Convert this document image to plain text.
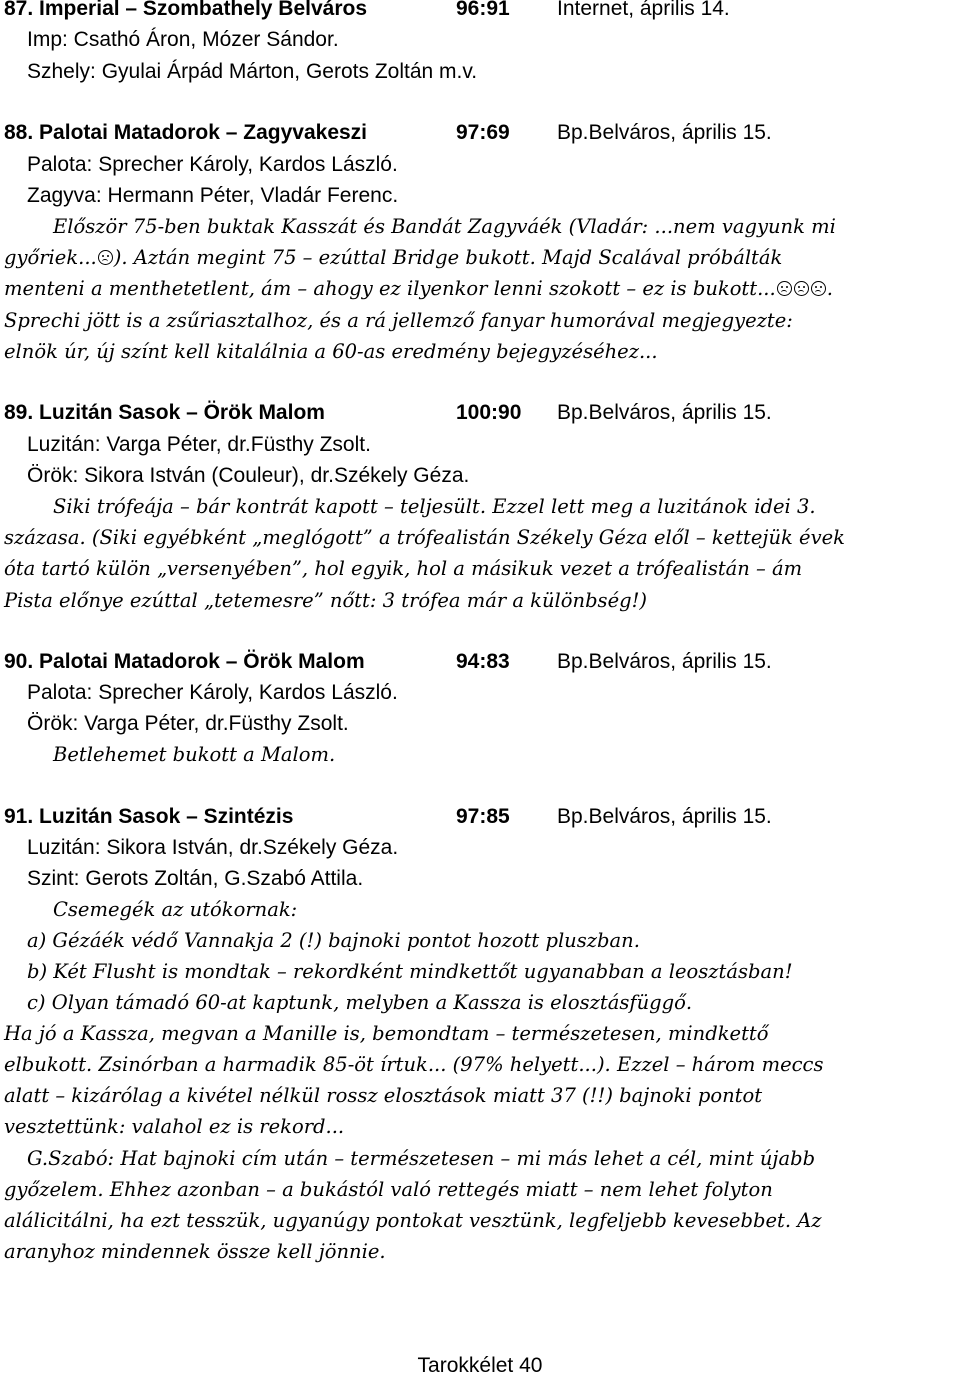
87. Imperial – Szombathely Belváros	96:91 Internet, április 14.
Imp: Csathó Áron, Mózer Sándor.
Szhely: Gyulai Árpád Márton, Gerots Zoltán m.v.
88. Palotai Matadorok – Zagyvakeszi	97:69 Bp.Belváros, április 15.
Palota: Sprecher Károly, Kardos László.
Zagyva: Hermann Péter, Vladár Ferenc.
Először 75-ben buktak Kasszát és Bandát Zagyváék (Vladár: ...nem vagyunk mi
győriek... ). Aztán megint 75 – ezúttal Bridge bukott. Majd Scalával próbálták
menteni a menthetetlent, ám – ahogy ez ilyenkor lenni szokott – ez is bukott...	.
Sprechi jött is a zsűriasztalhoz, és a rá jellemző fanyar humorával megjegyezte:
elnök úr, új színt kell kitalálnia a 60-as eredmény bejegyzéséhez...
89. Luzitán Sasok – Örök Malom	100:90 Bp.Belváros, április 15.
Luzitán: Varga Péter, dr.Füsthy Zsolt.
Örök: Sikora István (Couleur), dr.Székely Géza.
Siki trófeája – bár kontrát kapott – teljesült. Ezzel lett meg a luzitánok idei 3.
százasa. (Siki egyébként „meglógott” a trófealistán Székely Géza elől – kettejük évek
óta tartó külön „versenyében”, hol egyik, hol a másikuk vezet a trófealistán – ám
Pista előnye ezúttal „tetemesre” nőtt: 3 trófea már a különbség!)
90. Palotai Matadorok – Örök Malom	94:83 Bp.Belváros, április 15.
Palota: Sprecher Károly, Kardos László.
Örök: Varga Péter, dr.Füsthy Zsolt.
Betlehemet bukott a Malom.
91. Luzitán Sasok – Szintézis	97:85 Bp.Belváros, április 15.
Luzitán: Sikora István, dr.Székely Géza.
Szint: Gerots Zoltán, G.Szabó Attila.
Csemegék az utókornak:
a) Gézáék védő Vannakja 2 (!) bajnoki pontot hozott pluszban.
b) Két Flusht is mondtak – rekordként mindkettőt ugyanabban a leosztásban!
c) Olyan támadó 60-at kaptunk, melyben a Kassza is elosztásfüggő.
Ha jó a Kassza, megvan a Manille is, bemondtam – természetesen, mindkettő
elbukott. Zsinórban a harmadik 85-öt írtuk... (97% helyett...). Ezzel – három meccs
alatt – kizárólag a kivétel nélkül rossz elosztások miatt 37 (!!) bajnoki pontot
vesztettünk: valahol ez is rekord...
G.Szabó: Hat bajnoki cím után – természetesen – mi más lehet a cél, mint újabb
győzelem. Ehhez azonban – a bukástól való rettegés miatt – nem lehet folyton
alálicitálni, ha ezt tesszük, ugyanúgy pontokat vesztünk, legfeljebb kevesebbet. Az
aranyhoz mindennek össze kell jönnie.
Tarokkélet 40
